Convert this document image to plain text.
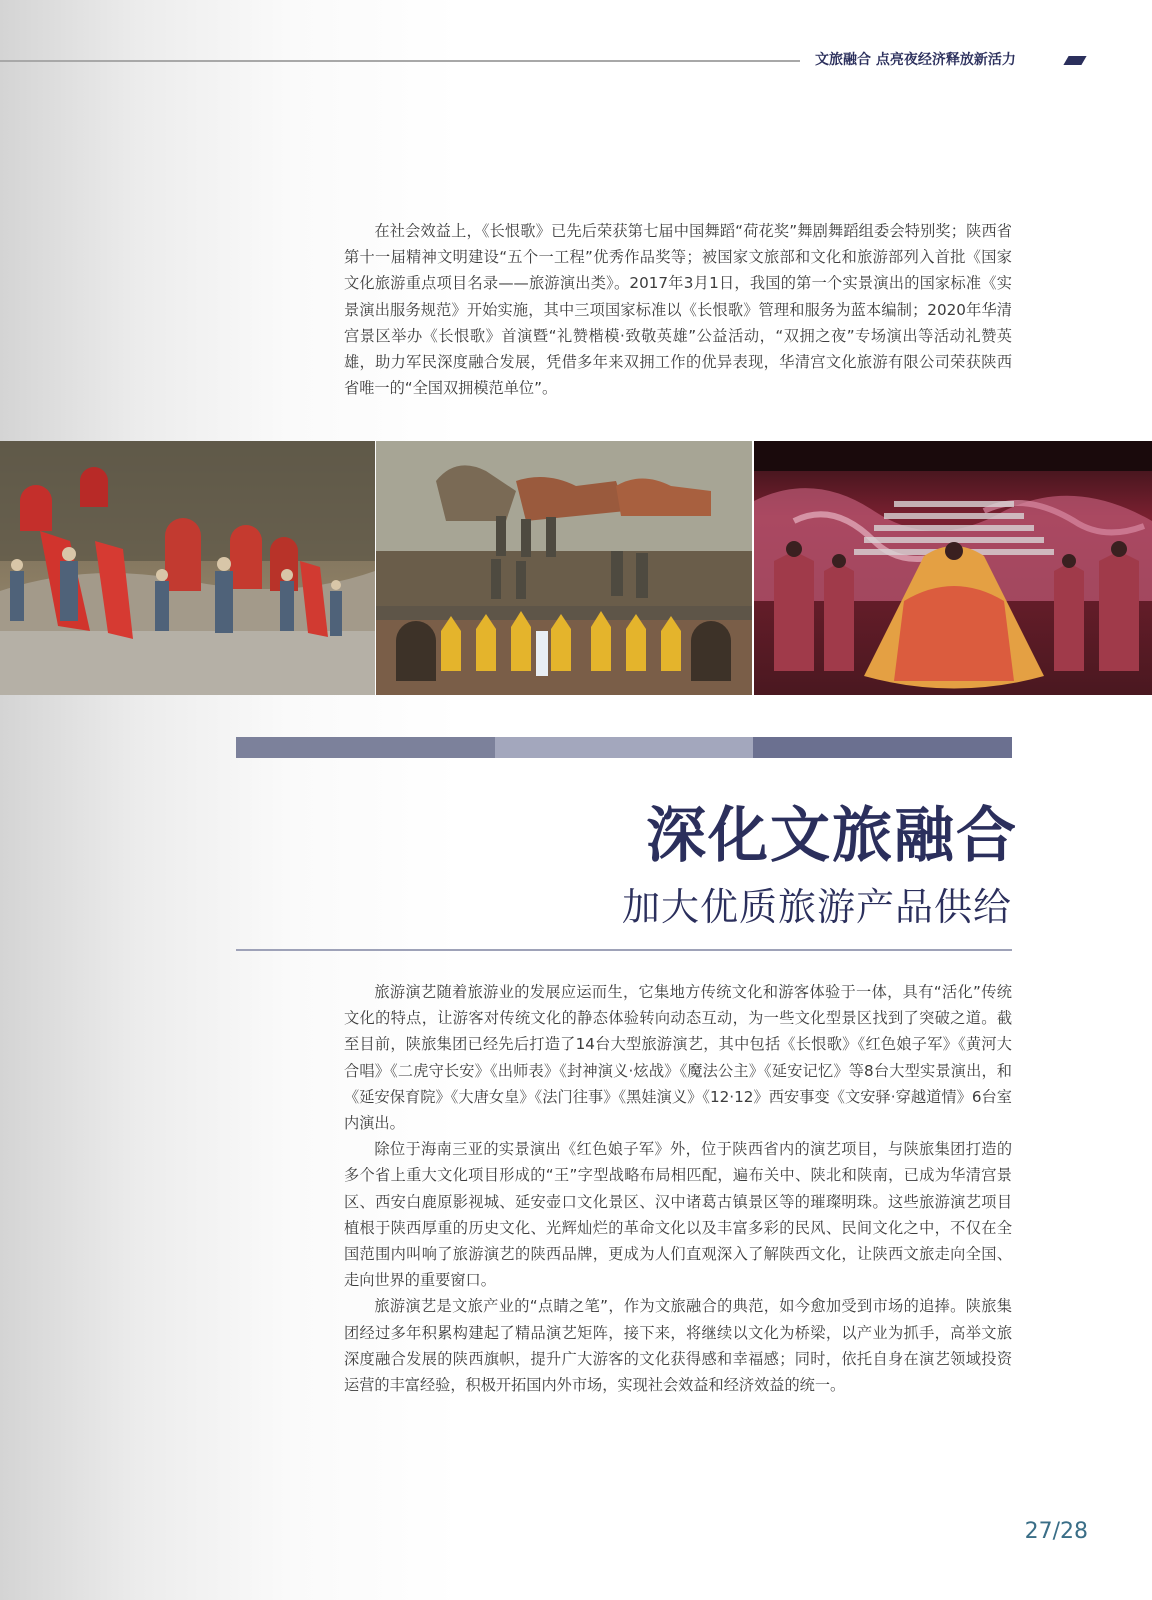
文旅融合 点亮夜经济释放新活力

在社会效益上，《长恨歌》已先后荣获第七届中国舞蹈“荷花奖”舞剧舞蹈组委会特别奖；陕西省第十一届精神文明建设“五个一工程”优秀作品奖等；被国家文旅部和文化和旅游部列入首批《国家文化旅游重点项目名录——旅游演出类》。2017年3月1日，我国的第一个实景演出的国家标准《实景演出服务规范》开始实施，其中三项国家标准以《长恨歌》管理和服务为蓝本编制；2020年华清宫景区举办《长恨歌》首演暨“礼赞楷模·致敬英雄”公益活动，“双拥之夜”专场演出等活动礼赞英雄，助力军民深度融合发展，凭借多年来双拥工作的优异表现，华清宫文化旅游有限公司荣获陕西省唯一的“全国双拥模范单位”。

深化文旅融合
加大优质旅游产品供给

旅游演艺随着旅游业的发展应运而生，它集地方传统文化和游客体验于一体，具有“活化”传统文化的特点，让游客对传统文化的静态体验转向动态互动，为一些文化型景区找到了突破之道。截至目前，陕旅集团已经先后打造了14台大型旅游演艺，其中包括《长恨歌》《红色娘子军》《黄河大合唱》《二虎守长安》《出师表》《封神演义·炫战》《魔法公主》《延安记忆》等8台大型实景演出，和《延安保育院》《大唐女皇》《法门往事》《黑娃演义》《12·12》西安事变《文安驿·穿越道情》6台室内演出。

除位于海南三亚的实景演出《红色娘子军》外，位于陕西省内的演艺项目，与陕旅集团打造的多个省上重大文化项目形成的“王”字型战略布局相匹配，遍布关中、陕北和陕南，已成为华清宫景区、西安白鹿原影视城、延安壶口文化景区、汉中诸葛古镇景区等的璀璨明珠。这些旅游演艺项目植根于陕西厚重的历史文化、光辉灿烂的革命文化以及丰富多彩的民风、民间文化之中，不仅在全国范围内叫响了旅游演艺的陕西品牌，更成为人们直观深入了解陕西文化，让陕西文旅走向全国、走向世界的重要窗口。

旅游演艺是文旅产业的“点睛之笔”，作为文旅融合的典范，如今愈加受到市场的追捧。陕旅集团经过多年积累构建起了精品演艺矩阵，接下来，将继续以文化为桥梁，以产业为抓手，高举文旅深度融合发展的陕西旗帜，提升广大游客的文化获得感和幸福感；同时，依托自身在演艺领域投资运营的丰富经验，积极开拓国内外市场，实现社会效益和经济效益的统一。

27/28
